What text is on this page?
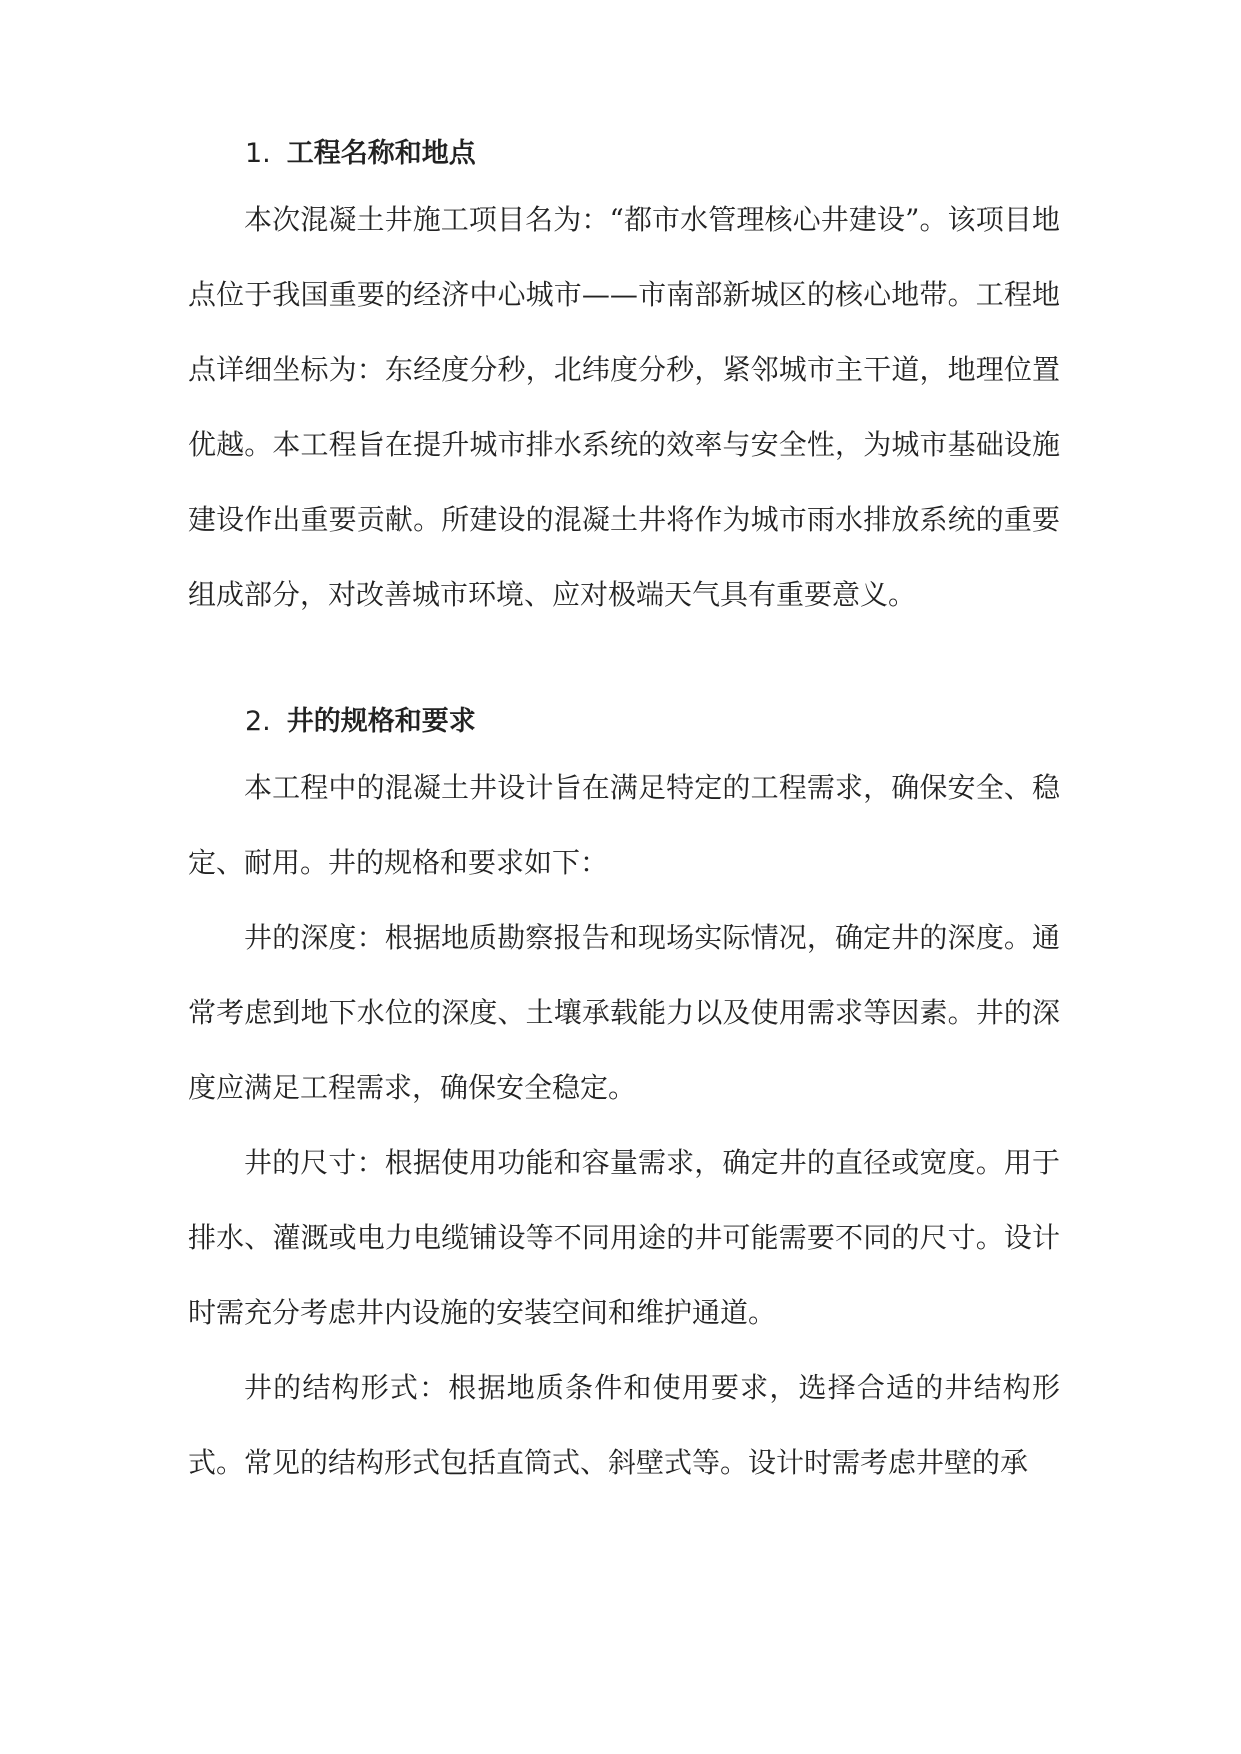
1. 工程名称和地点

本次混凝土井施工项目名为：“都市水管理核心井建设”。该项目地点位于我国重要的经济中心城市——市南部新城区的核心地带。工程地点详细坐标为：东经度分秒，北纬度分秒，紧邻城市主干道，地理位置优越。本工程旨在提升城市排水系统的效率与安全性，为城市基础设施建设作出重要贡献。所建设的混凝土井将作为城市雨水排放系统的重要组成部分，对改善城市环境、应对极端天气具有重要意义。

2. 井的规格和要求

本工程中的混凝土井设计旨在满足特定的工程需求，确保安全、稳定、耐用。井的规格和要求如下：

井的深度：根据地质勘察报告和现场实际情况，确定井的深度。通常考虑到地下水位的深度、土壤承载能力以及使用需求等因素。井的深度应满足工程需求，确保安全稳定。

井的尺寸：根据使用功能和容量需求，确定井的直径或宽度。用于排水、灌溉或电力电缆铺设等不同用途的井可能需要不同的尺寸。设计时需充分考虑井内设施的安装空间和维护通道。

井的结构形式：根据地质条件和使用要求，选择合适的井结构形式。常见的结构形式包括直筒式、斜壁式等。设计时需考虑井壁的承
